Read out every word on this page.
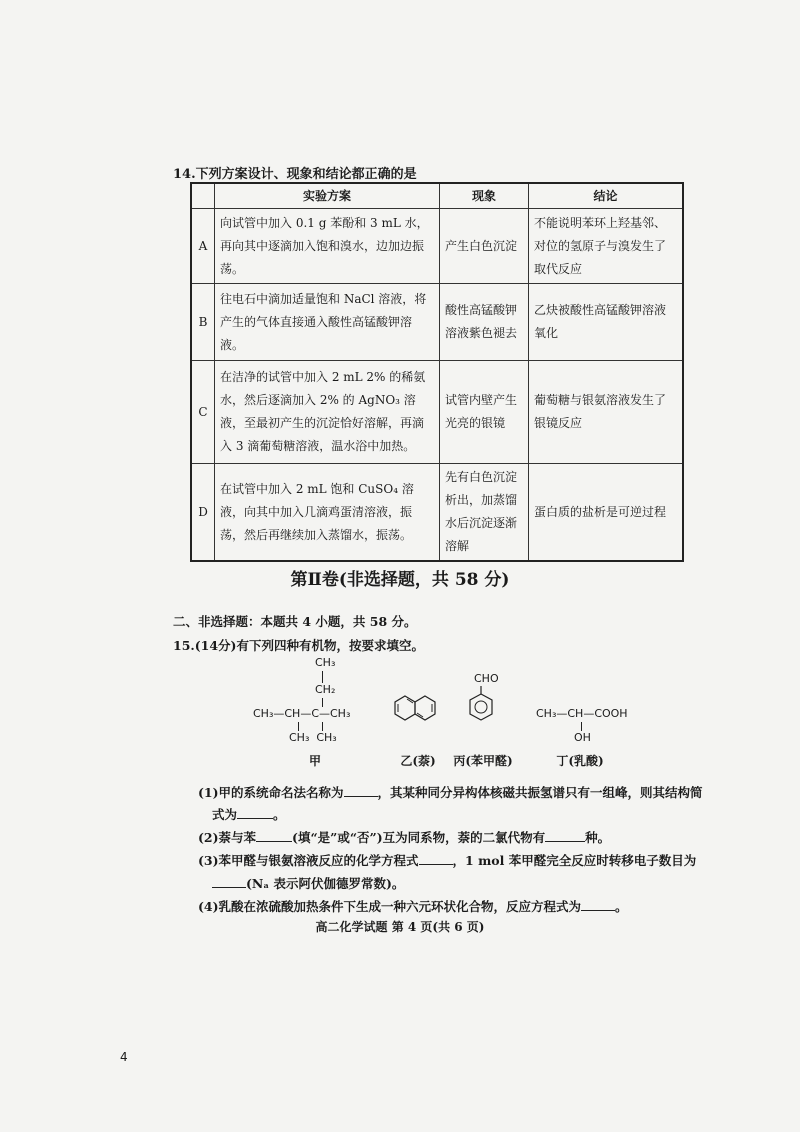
14.下列方案设计、现象和结论都正确的是
	实验方案	现象	结论
A	向试管中加入 0.1 g 苯酚和 3 mL 水，再向其中逐滴加入饱和溴水，边加边振荡。	产生白色沉淀	不能说明苯环上羟基邻、对位的氢原子与溴发生了取代反应
B	往电石中滴加适量饱和 NaCl 溶液，将产生的气体直接通入酸性高锰酸钾溶液。	酸性高锰酸钾溶液紫色褪去	乙炔被酸性高锰酸钾溶液氧化
C	在洁净的试管中加入 2 mL 2% 的稀氨水，然后逐滴加入 2% 的 AgNO₃ 溶液，至最初产生的沉淀恰好溶解，再滴入 3 滴葡萄糖溶液，温水浴中加热。	试管内壁产生光亮的银镜	葡萄糖与银氨溶液发生了银镜反应
D	在试管中加入 2 mL 饱和 CuSO₄ 溶液，向其中加入几滴鸡蛋清溶液，振荡，然后再继续加入蒸馏水，振荡。	先有白色沉淀析出，加蒸馏水后沉淀逐渐溶解	蛋白质的盐析是可逆过程
第Ⅱ卷(非选择题，共 58 分)
二、非选择题：本题共 4 小题，共 58 分。
15.(14分)有下列四种有机物，按要求填空。
CH₃
CH₂
CH₃—CH—C—CH₃
CH₃  CH₃
甲	乙(萘)
CHO
丙(苯甲醛)
CH₃—CH—COOH
OH
丁(乳酸)
(1)甲的系统命名法名称为	，其某种同分异构体核磁共振氢谱只有一组峰，则其结构简
式为	。
(2)萘与苯	(填“是”或“否”)互为同系物，萘的二氯代物有	种。
(3)苯甲醛与银氨溶液反应的化学方程式	，1 mol 苯甲醛完全反应时转移电子数目为
(Nₐ 表示阿伏伽德罗常数)。
(4)乳酸在浓硫酸加热条件下生成一种六元环状化合物，反应方程式为	。
高二化学试题 第 4 页(共 6 页)
4
